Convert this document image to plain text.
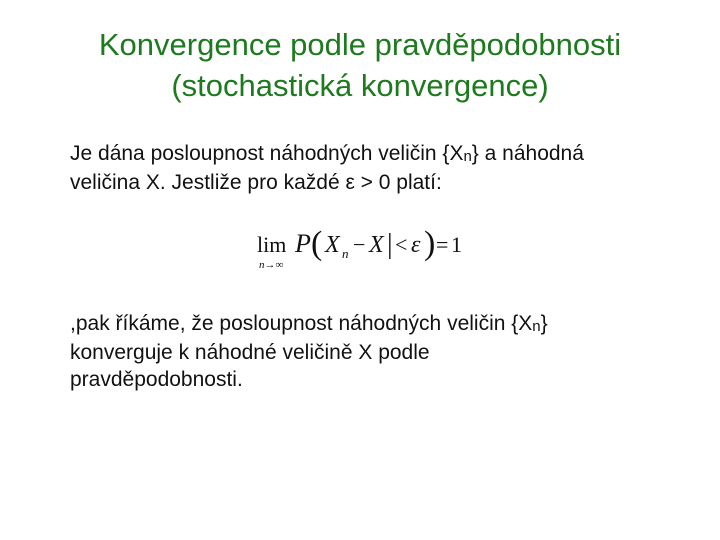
Konvergence podle pravděpodobnosti
(stochastická konvergence)
Je dána posloupnost náhodných veličin {Xn} a náhodná
veličina X. Jestliže pro každé ε > 0 platí:
lim
n→∞
P ( X n − X | < ε ) = 1
,pak říkáme, že posloupnost náhodných veličin {Xn}
konverguje k náhodné veličině X podle
pravděpodobnosti.
